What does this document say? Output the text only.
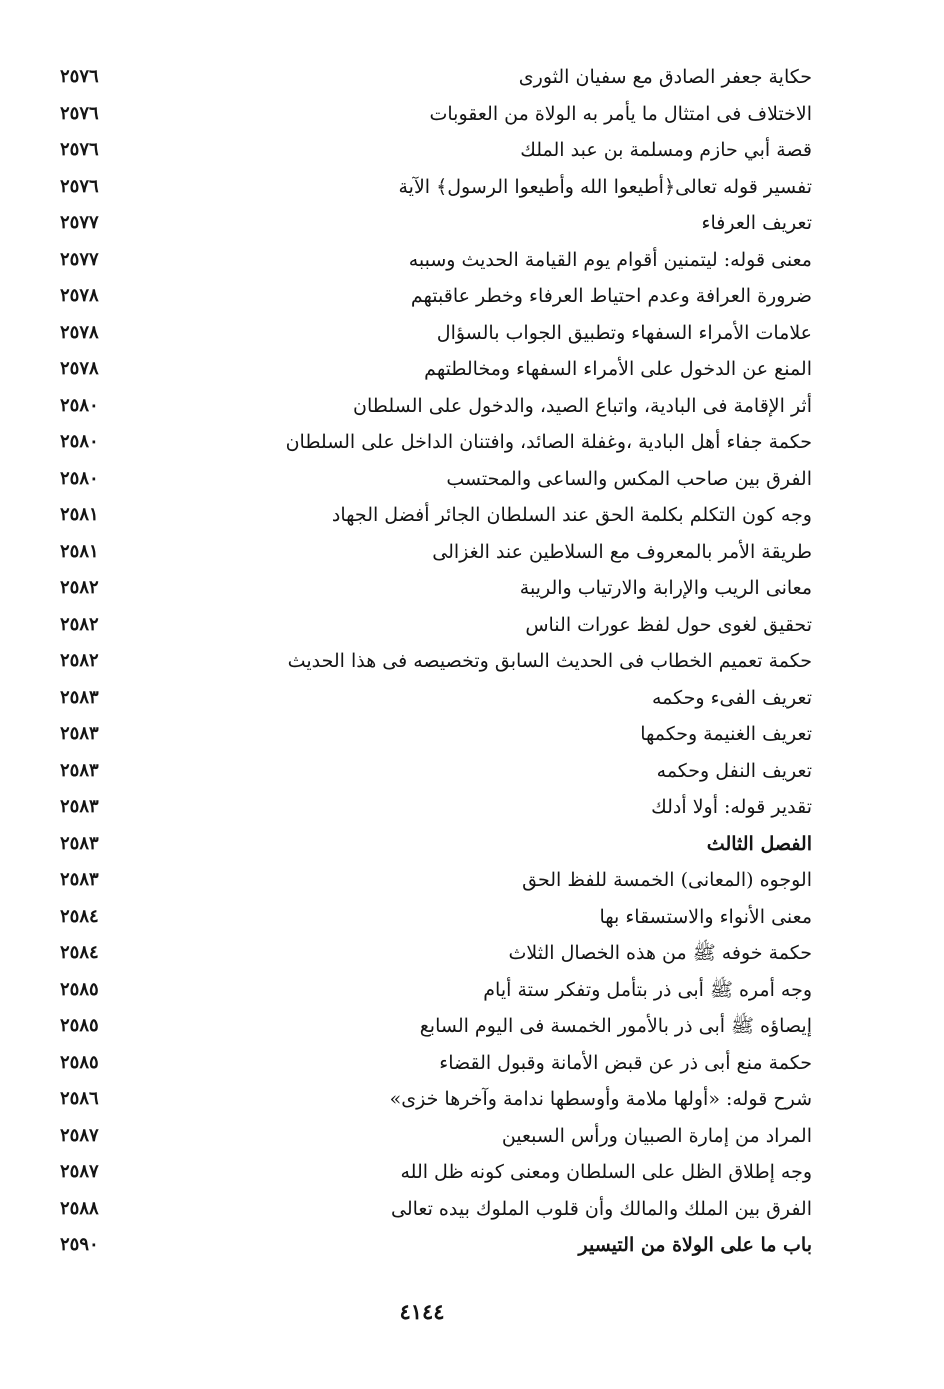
حكاية جعفر الصادق مع سفيان الثورى
٢٥٧٦
الاختلاف فى امتثال ما يأمر به الولاة من العقوبات
٢٥٧٦
قصة أبي حازم ومسلمة بن عبد الملك
٢٥٧٦
تفسير قوله تعالى﴿أطيعوا الله وأطيعوا الرسول﴾ الآية
٢٥٧٦
تعريف العرفاء
٢٥٧٧
معنى قوله: ليتمنين أقوام يوم القيامة الحديث وسببه
٢٥٧٧
ضرورة العرافة وعدم احتياط العرفاء وخطر عاقبتهم
٢٥٧٨
علامات الأمراء السفهاء وتطبيق الجواب بالسؤال
٢٥٧٨
المنع عن الدخول على الأمراء السفهاء ومخالطتهم
٢٥٧٨
أثر الإقامة فى البادية، واتباع الصيد، والدخول على السلطان
٢٥٨٠
حكمة جفاء أهل البادية ،وغفلة الصائد، وافتنان الداخل على السلطان
٢٥٨٠
الفرق بين صاحب المكس والساعى والمحتسب
٢٥٨٠
وجه كون التكلم بكلمة الحق عند السلطان الجائر أفضل الجهاد
٢٥٨١
طريقة الأمر بالمعروف مع السلاطين عند الغزالى
٢٥٨١
معانى الريب والإرابة والارتياب والريبة
٢٥٨٢
تحقيق لغوى حول لفظ عورات الناس
٢٥٨٢
حكمة تعميم الخطاب فى الحديث السابق وتخصيصه فى هذا الحديث
٢٥٨٢
تعريف الفىء وحكمه
٢٥٨٣
تعريف الغنيمة وحكمها
٢٥٨٣
تعريف النفل وحكمه
٢٥٨٣
تقدير قوله: أولا أدلك
٢٥٨٣
الفصل الثالث
٢٥٨٣
الوجوه (المعانى) الخمسة للفظ الحق
٢٥٨٣
معنى الأنواء والاستسقاء بها
٢٥٨٤
حكمة خوفه ﷺ من هذه الخصال الثلاث
٢٥٨٤
وجه أمره ﷺ أبى ذر بتأمل وتفكر ستة أيام
٢٥٨٥
إيصاؤه ﷺ أبى ذر بالأمور الخمسة فى اليوم السابع
٢٥٨٥
حكمة منع أبى ذر عن قبض الأمانة وقبول القضاء
٢٥٨٥
شرح قوله: «أولها ملامة وأوسطها ندامة وآخرها خزى»
٢٥٨٦
المراد من إمارة الصبيان ورأس السبعين
٢٥٨٧
وجه إطلاق الظل على السلطان ومعنى كونه ظل الله
٢٥٨٧
الفرق بين الملك والمالك وأن قلوب الملوك بيده تعالى
٢٥٨٨
باب ما على الولاة من التيسير
٢٥٩٠
٤١٤٤
